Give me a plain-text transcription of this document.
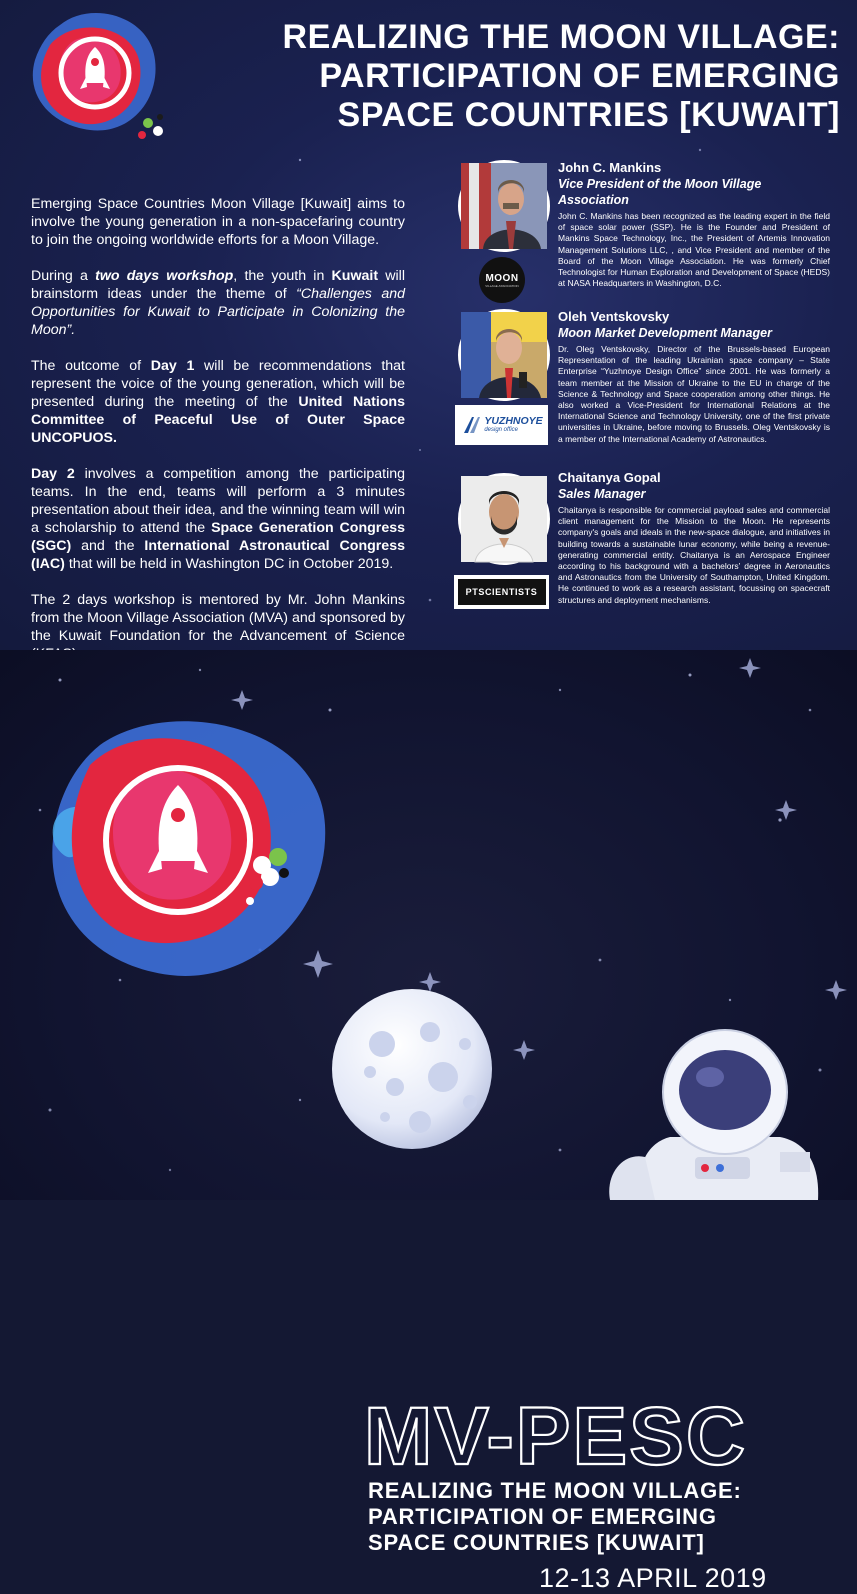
REALIZING THE MOON VILLAGE:
PARTICIPATION OF EMERGING
SPACE COUNTRIES [KUWAIT]

Emerging Space Countries Moon Village [Kuwait] aims to involve the young generation in a non-spacefaring country to join the ongoing worldwide efforts for a Moon Village.

During a two days workshop, the youth in Kuwait will brainstorm ideas under the theme of “Challenges and Opportunities for Kuwait to Participate in Colonizing the Moon”.

The outcome of Day 1 will be recommendations that represent the voice of the young generation, which will be presented during the meeting of the United Nations Committee of Peaceful Use of Outer Space UNCOPUOS.

Day 2 involves a competition among the participating teams. In the end, teams will perform a 3 minutes presentation about their idea, and the winning team will win a scholarship to attend the Space Generation Congress (SGC) and the International Astronautical Congress (IAC) that will be held in Washington DC in October 2019.

The 2 days workshop is mentored by Mr. John Mankins from the Moon Village Association (MVA) and sponsored by the Kuwait Foundation for the Advancement of Science

John C. Mankins
Vice President of the Moon Village Association
John C. Mankins has been recognized as the leading expert in the field of space solar power (SSP). He is the Founder and President of Mankins Space Technology, Inc., the President of Artemis Innovation Management Solutions LLC, , and Vice President and member of the Board of the Moon Village Association. He was formerly Chief Technologist for Human Exploration and Development of Space (HEDS) at NASA Headquarters in Washington, D.C.
MOON
VILLAGE ASSOCIATION
Oleh Ventskovsky
Moon Market Development Manager
Dr. Oleg Ventskovsky, Director of the Brussels-based European Representation of the leading Ukrainian space company – State Enterprise “Yuzhnoye Design Office” since 2001. He was formerly a team member at the Mission of Ukraine to the EU in charge of the Science & Technology and Space cooperation among other things. He also worked a Vice-President for International Relations at the International Science and Technology University, one of the first private universities in Ukraine, before moving to Brussels. Oleg Ventskovsky is a member of the International Academy of Astronautics.
YUZHNOYE
design office
Chaitanya Gopal
Sales Manager
Chaitanya is responsible for commercial payload sales and commercial client management for the Mission to the Moon. He represents company's goals and ideals in the new-space dialogue, and initiatives in building towards a sustainable lunar economy, while being a revenue-generating commercial entity. Chaitanya is an Aerospace Engineer according to his background with a bachelors’ degree in Aeronautics and Astronautics from the University of Southampton, United Kingdom. He continued to work as a research assistant, focussing on spacecraft structures and deployment mechanisms.
PTSCIENTISTS
MV-PESC
REALIZING THE MOON VILLAGE:
PARTICIPATION OF EMERGING
SPACE COUNTRIES [KUWAIT]
12-13 APRIL 2019
